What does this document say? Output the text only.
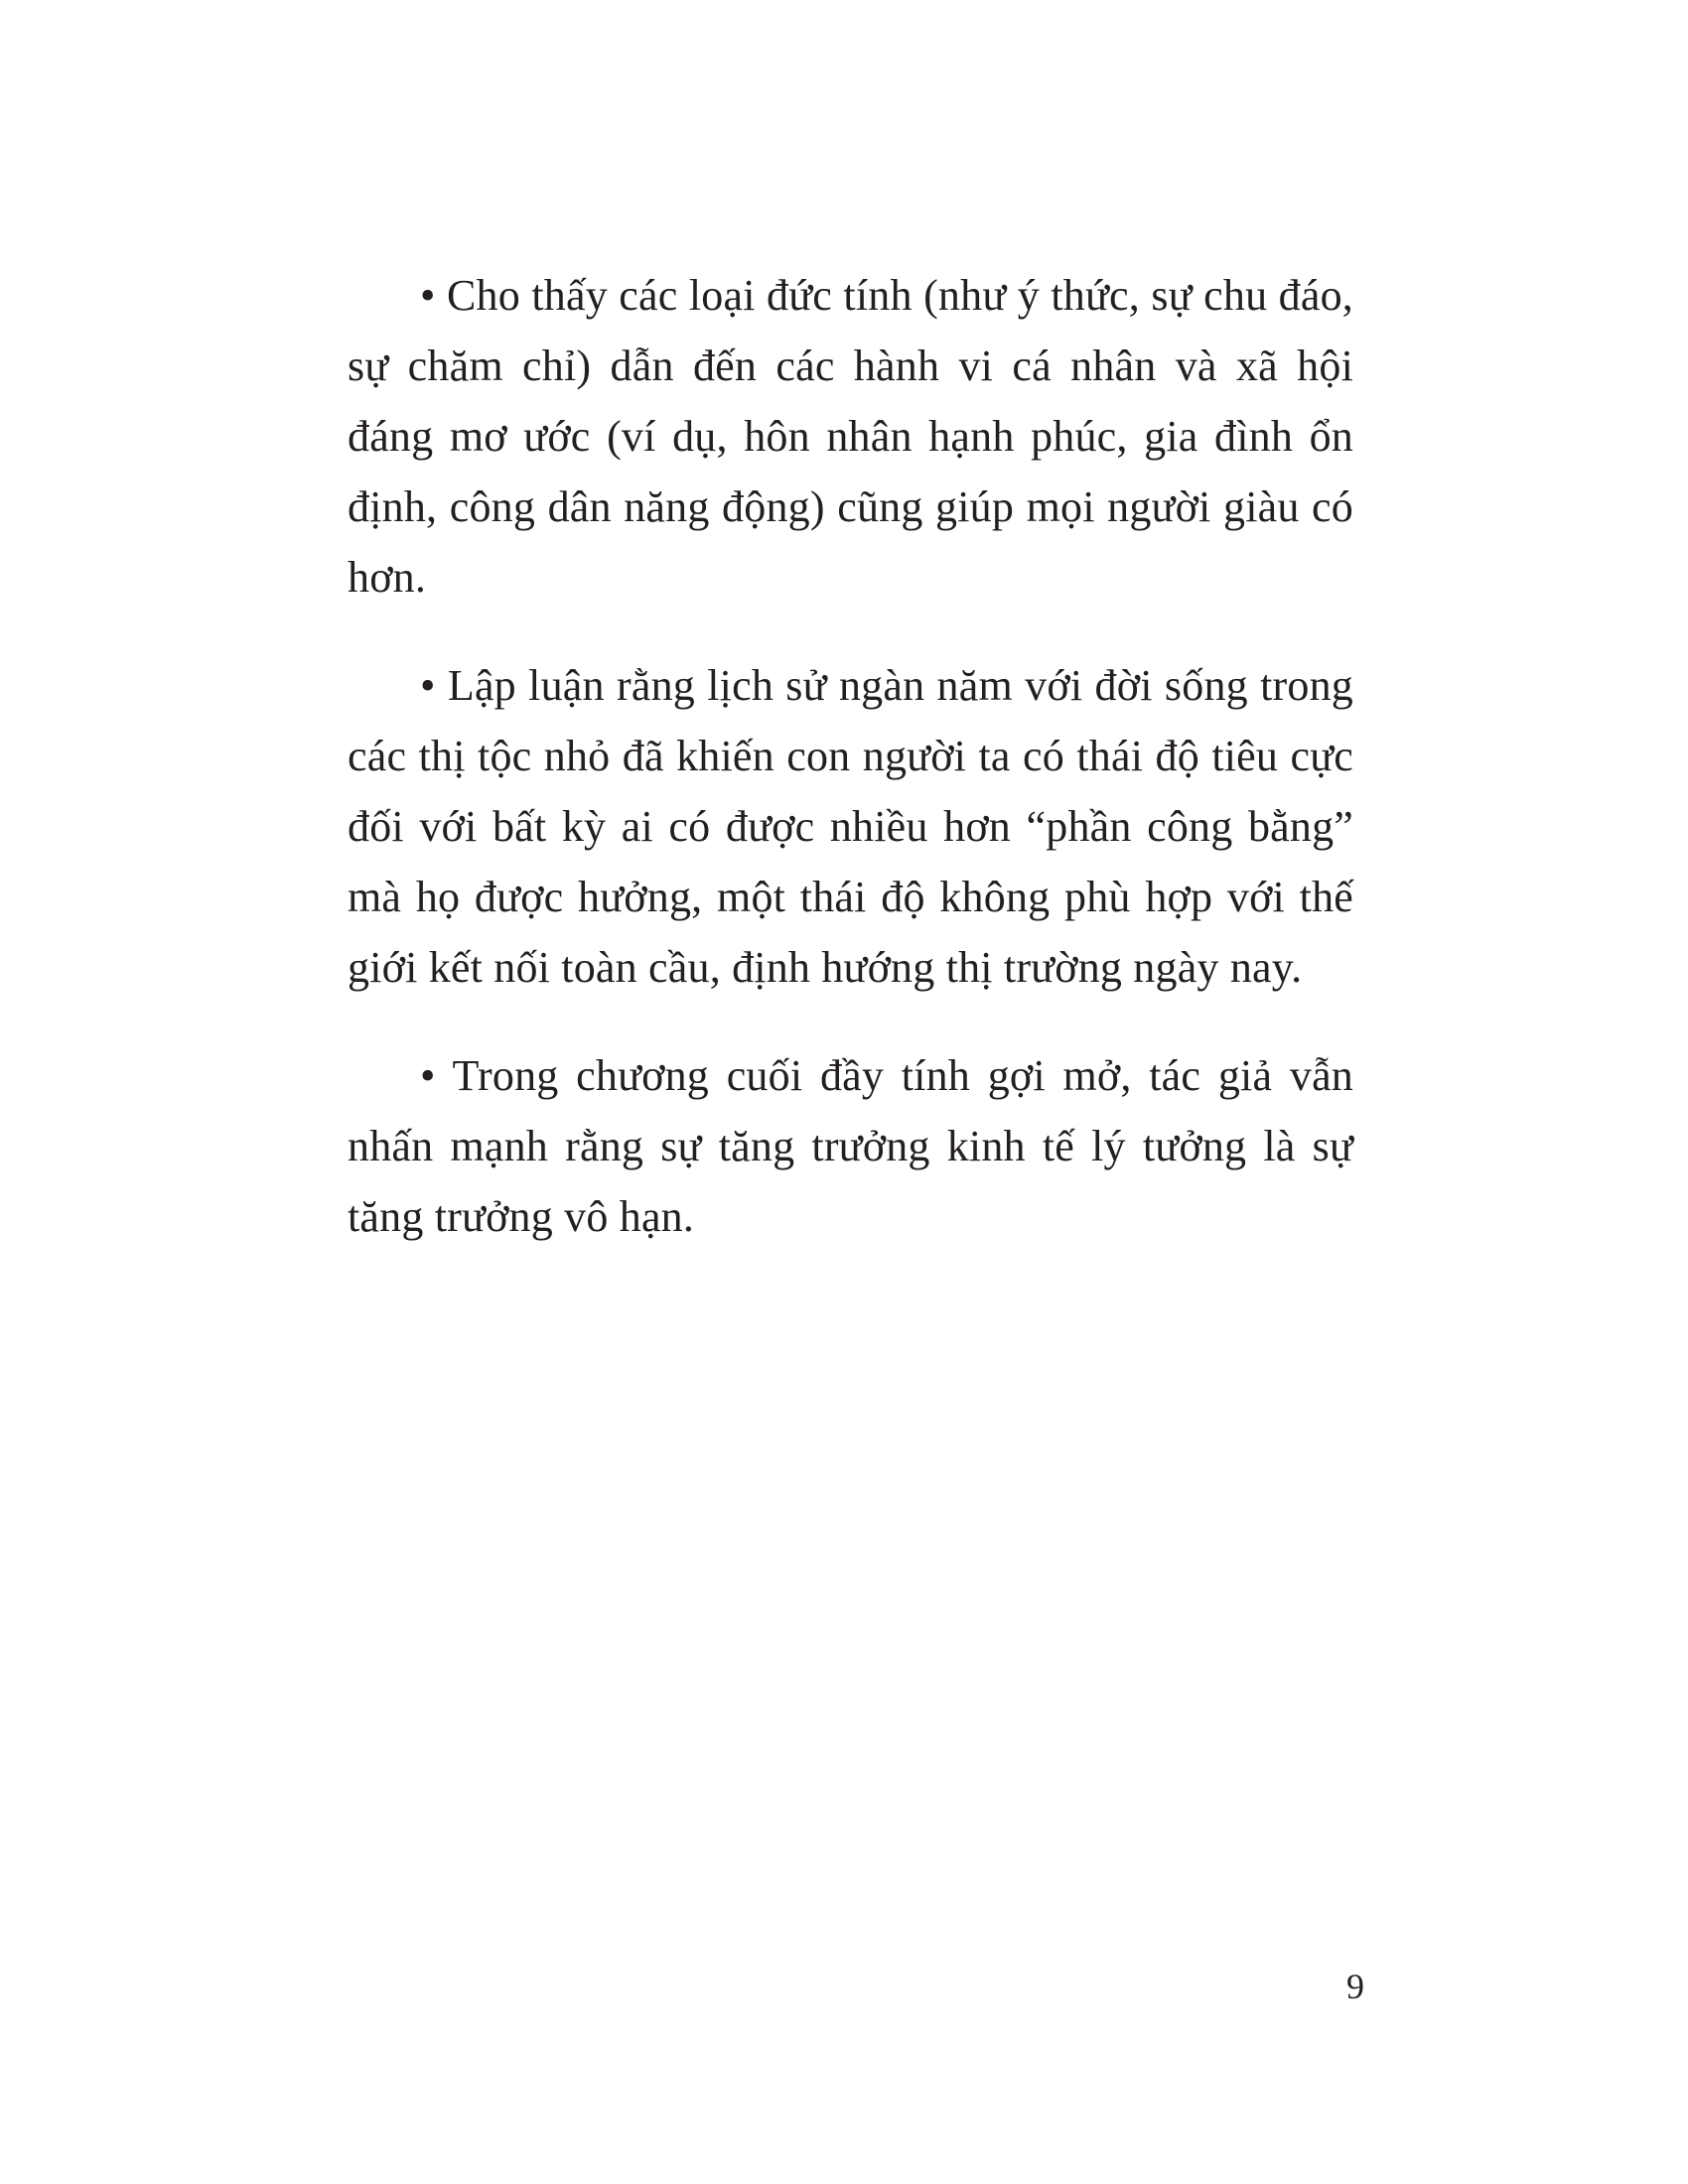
• Cho thấy các loại đức tính (như ý thức, sự chu đáo, sự chăm chỉ) dẫn đến các hành vi cá nhân và xã hội đáng mơ ước (ví dụ, hôn nhân hạnh phúc, gia đình ổn định, công dân năng động) cũng giúp mọi người giàu có hơn.

• Lập luận rằng lịch sử ngàn năm với đời sống trong các thị tộc nhỏ đã khiến con người ta có thái độ tiêu cực đối với bất kỳ ai có được nhiều hơn “phần công bằng” mà họ được hưởng, một thái độ không phù hợp với thế giới kết nối toàn cầu, định hướng thị trường ngày nay.

• Trong chương cuối đầy tính gợi mở, tác giả vẫn nhấn mạnh rằng sự tăng trưởng kinh tế lý tưởng là sự tăng trưởng vô hạn.

9
